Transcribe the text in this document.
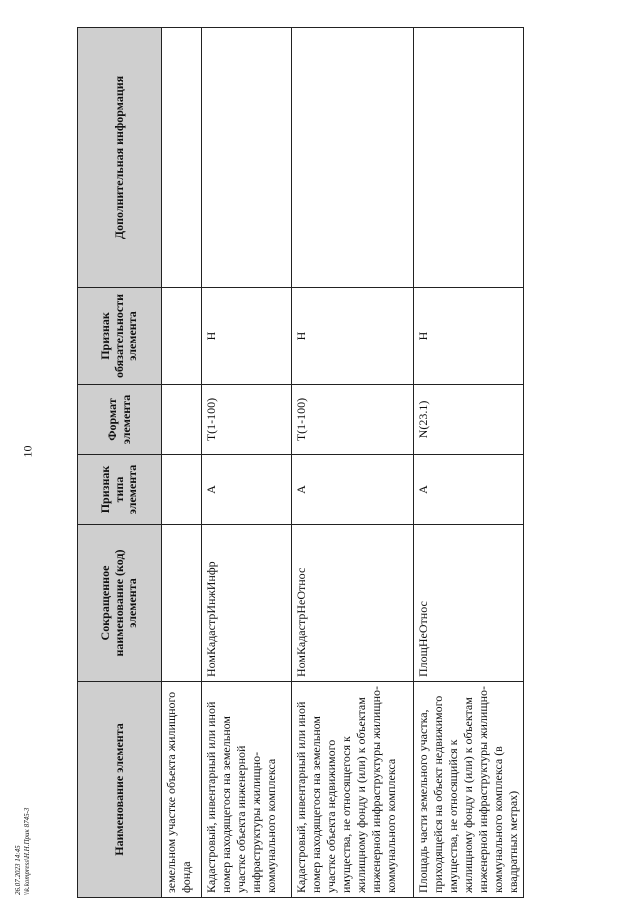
10
26.07.2023 14:45 \\k.kompress\Н.Н.Прик 8745-3	Наименование элемента	Сокращенное наименование (код) элемента	Признак типа элемента	Формат элемента	Признак обязательности элемента	Дополнительная информация
земельном участке объекта жилищного фонда					
Кадастровый, инвентарный или иной номер находящегося на земельном участке объекта инженерной инфраструктуры жилищно-коммунального комплекса	НомКадастрИнжИнфр	А	T(1-100)	Н	
Кадастровый, инвентарный или иной номер находящегося на земельном участке объекта недвижимого имущества, не относящегося к жилищному фонду и (или) к объектам инженерной инфраструктуры жилищно-коммунального комплекса	НомКадастрНеОтнос	А	T(1-100)	Н	
Площадь части земельного участка, приходящейся на объект недвижимого имущества, не относящийся к жилищному фонду и (или) к объектам инженерной инфраструктуры жилищно-коммунального комплекса (в квадратных метрах)	ПлощНеОтнос	А	N(23.1)	Н	
